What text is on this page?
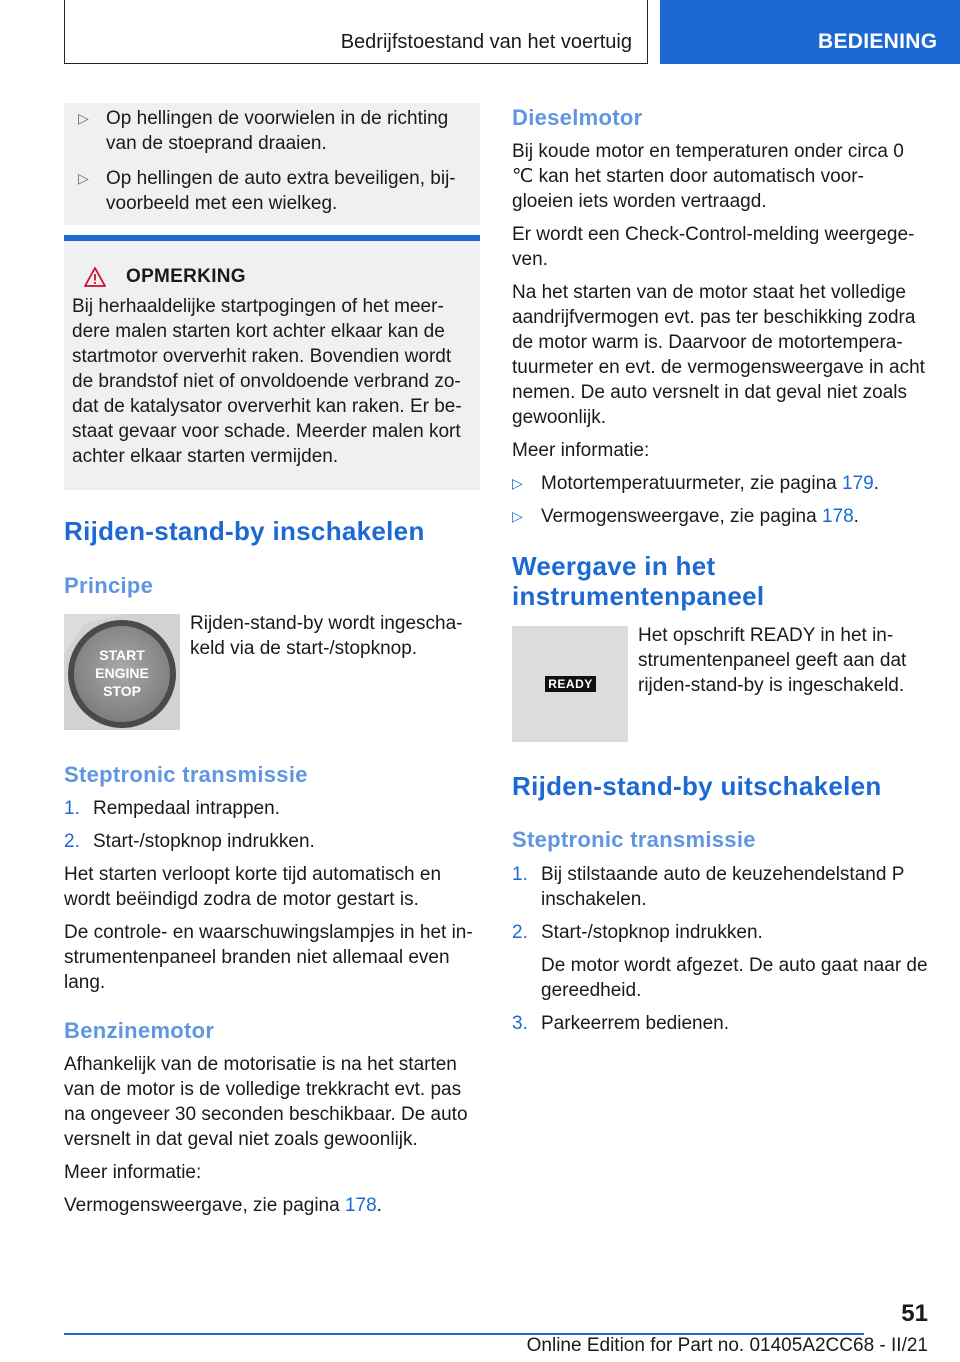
Bedrijfstoestand van het voertuig	BEDIENING
▷ Op hellingen de voorwielen in de richting van de stoeprand draaien.
▷ Op hellingen de auto extra beveiligen, bij-voorbeeld met een wielkeg.
OPMERKING
Bij herhaaldelijke startpogingen of het meer-dere malen starten kort achter elkaar kan de startmotor oververhit raken. Bovendien wordt de brandstof niet of onvoldoende verbrand zo-dat de katalysator oververhit kan raken. Er be-staat gevaar voor schade. Meerder malen kort achter elkaar starten vermijden.
Rijden-stand-by inschakelen
Principe
START
ENGINE
STOP
Rijden-stand-by wordt ingescha-keld via de start-/stopknop.
Steptronic transmissie
1. Rempedaal intrappen.
2. Start-/stopknop indrukken.

Het starten verloopt korte tijd automatisch en wordt beëindigd zodra de motor gestart is.

De controle- en waarschuwingslampjes in het in-strumentenpaneel branden niet allemaal even lang.

Benzinemotor

Afhankelijk van de motorisatie is na het starten van de motor is de volledige trekkracht evt. pas na ongeveer 30 seconden beschikbaar. De auto versnelt in dat geval niet zoals gewoonlijk.

Meer informatie:

Vermogensweergave, zie pagina 178.

Dieselmotor

Bij koude motor en temperaturen onder circa 0 ℃ kan het starten door automatisch voor-gloeien iets worden vertraagd.

Er wordt een Check-Control-melding weergege-ven.

Na het starten van de motor staat het volledige aandrijfvermogen evt. pas ter beschikking zodra de motor warm is. Daarvoor de motortempera-tuurmeter en evt. de vermogensweergave in acht nemen. De auto versnelt in dat geval niet zoals gewoonlijk.

Meer informatie:

▷ Motortemperatuurmeter, zie pagina 179.
▷ Vermogensweergave, zie pagina 178.
Weergave in het
instrumentenpaneel
READY
Het opschrift READY in het in-strumentenpaneel geeft aan dat rijden-stand-by is ingeschakeld.
Rijden-stand-by uitschakelen
Steptronic transmissie
1. Bij stilstaande auto de keuzehendelstand P inschakelen.
2. Start-/stopknop indrukken.
De motor wordt afgezet. De auto gaat naar de gereedheid.
3. Parkeerrem bedienen.
51
Online Edition for Part no. 01405A2CC68 - II/21
